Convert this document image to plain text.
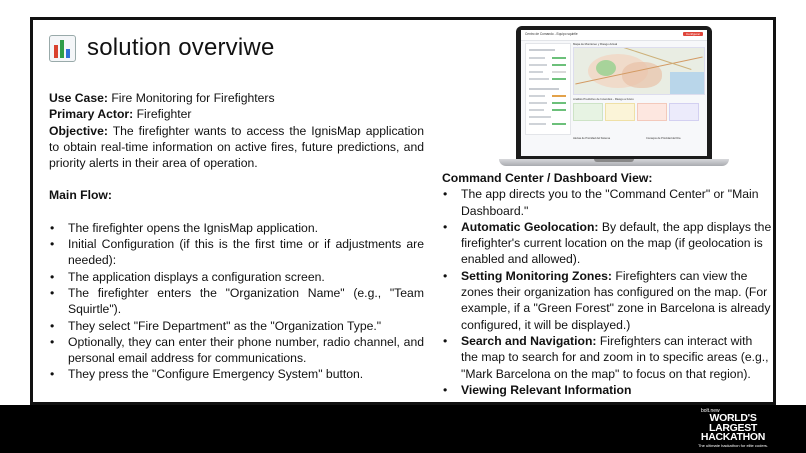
solution overviwe

Use Case: Fire Monitoring for Firefighters

Primary Actor: Firefighter

Objective: The firefighter wants to access the IgnisMap application to obtain real-time information on active fires, future predictions, and priority alerts in their area of operation.

Main Flow:

• The firefighter opens the IgnisMap application.
• Initial Configuration (if this is the first time or if adjustments are needed):
• The application displays a configuration screen.
• The firefighter enters the "Organization Name" (e.g., "Team Squirtle").
• They select "Fire Department" as the "Organization Type."
• Optionally, they can enter their phone number, radio channel, and personal email address for communications.
• They press the "Configure Emergency System" button.
Centro de Comando - Equipo squirtle	Configurar
Mapa de Monitoreo y Riesgo Actual
Análisis Predictivo de Incendios - Riesgo a futuro
Alertas de Prioridad del Sistema	Consejos de Prioridad del Día

Command Center / Dashboard View:

• The app directs you to the "Command Center" or "Main Dashboard."
• Automatic Geolocation: By default, the app displays the firefighter's current location on the map (if geolocation is enabled and allowed).
• Setting Monitoring Zones: Firefighters can view the zones their organization has configured on the map. (For example, if a "Green Forest" zone in Barcelona is already configured, it will be displayed.)
• Search and Navigation: Firefighters can interact with the map to search for and zoom in to specific areas (e.g., "Mark Barcelona on the map" to focus on that region).
• Viewing Relevant Information
bolt.new
WORLD'S
LARGEST
HACKATHON
The ultimate hackathon for elite coders.
